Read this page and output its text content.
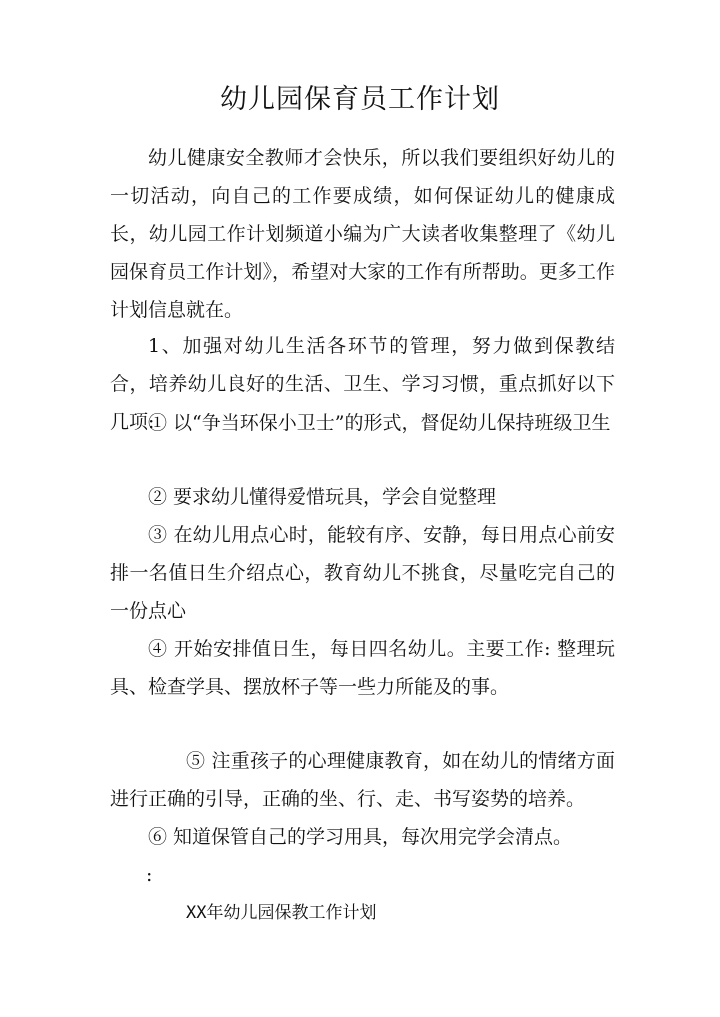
幼儿园保育员工作计划

幼儿健康安全教师才会快乐，所以我们要组织好幼儿的一切活动，向自己的工作要成绩，如何保证幼儿的健康成长，幼儿园工作计划频道小编为广大读者收集整理了《幼儿园保育员工作计划》，希望对大家的工作有所帮助。更多工作计划信息就在。

1、加强对幼儿生活各环节的管理，努力做到保教结合，培养幼儿良好的生活、卫生、学习习惯，重点抓好以下几项:

① 以“争当环保小卫士”的形式，督促幼儿保持班级卫生

② 要求幼儿懂得爱惜玩具，学会自觉整理

③ 在幼儿用点心时，能较有序、安静，每日用点心前安排一名值日生介绍点心，教育幼儿不挑食，尽量吃完自己的一份点心

④ 开始安排值日生，每日四名幼儿。主要工作: 整理玩具、检查学具、摆放杯子等一些力所能及的事。

⑤ 注重孩子的心理健康教育，如在幼儿的情绪方面进行正确的引导，正确的坐、行、走、书写姿势的培养。

⑥ 知道保管自己的学习用具，每次用完学会清点。

:

XX年幼儿园保教工作计划
